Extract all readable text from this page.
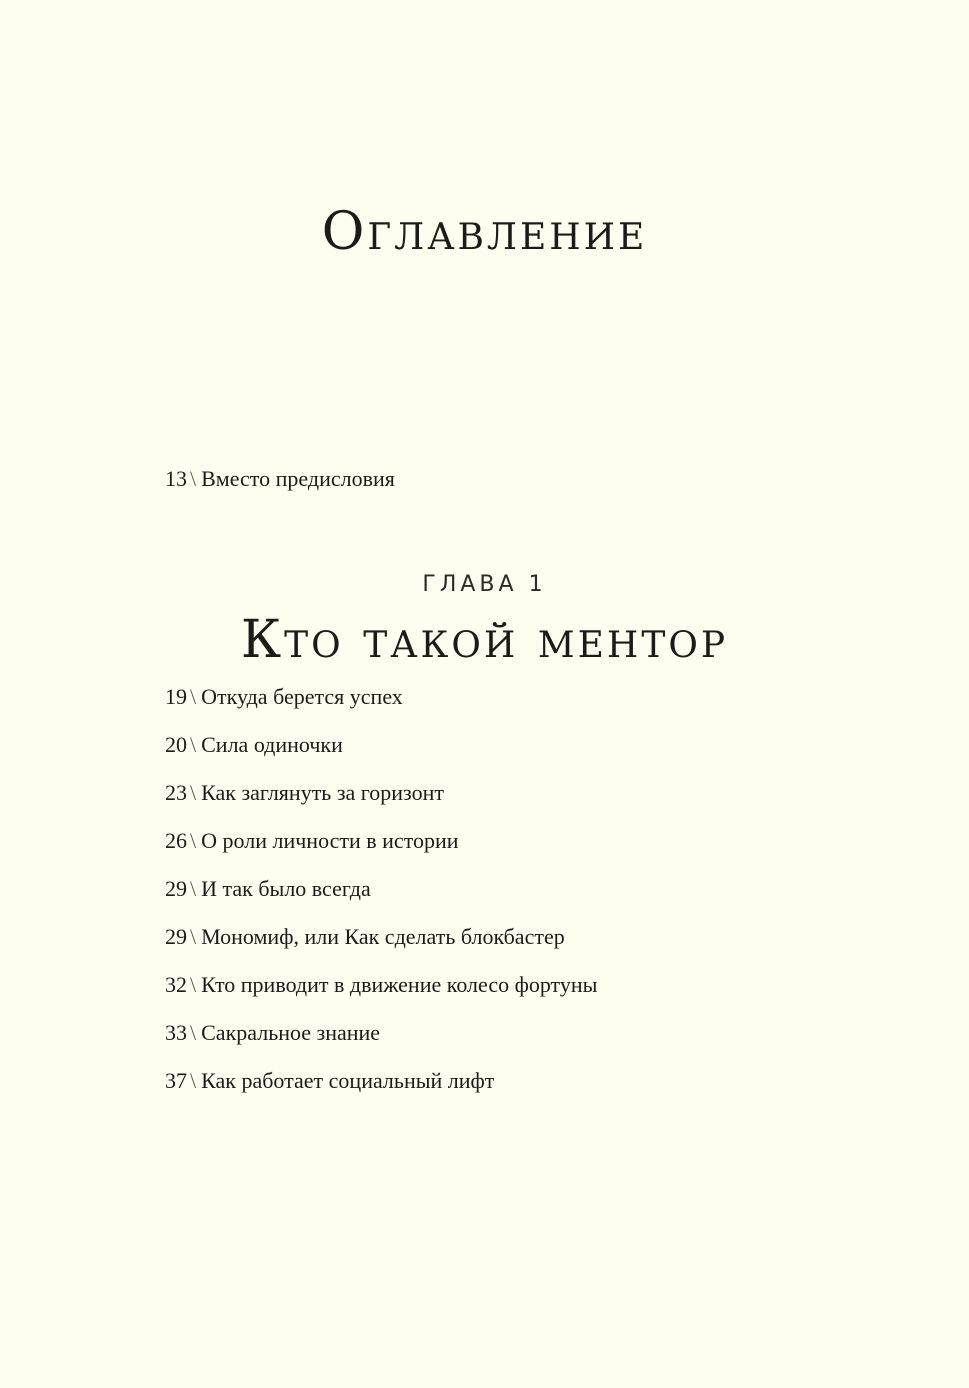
Оглавление
13 \ Вместо предисловия
ГЛАВА 1
Кто такой ментор
19 \ Откуда берется успех
20 \ Сила одиночки
23 \ Как заглянуть за горизонт
26 \ О роли личности в истории
29 \ И так было всегда
29 \ Мономиф, или Как сделать блокбастер
32 \ Кто приводит в движение колесо фортуны
33 \ Сакральное знание
37 \ Как работает социальный лифт
